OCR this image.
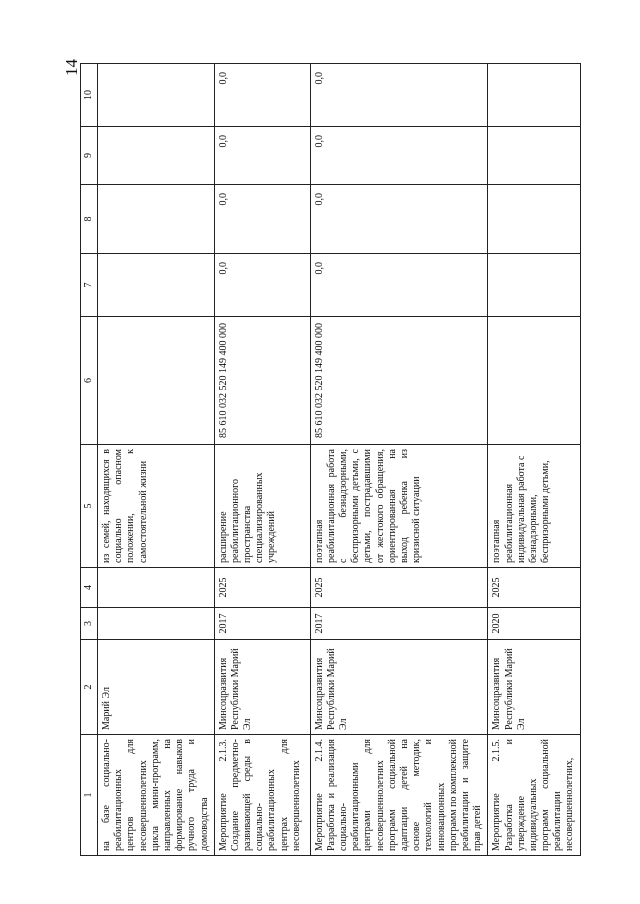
14
1	2	3	4	5	6	7	8	9	10
на базе социально-реабилитационных центров для несовершеннолетних цикла мини-программ, направленных на формирование навыков ручного труда и домоводства	Марий Эл			из семей, находящихся в социально опасном положении, к самостоятельной жизни					
Мероприятие 2.1.3. Создание предметно-развивающей среды в социально-реабилитационных центрах для несовершеннолетних	Минсоцразвития Республики Марий Эл	2017	2025	расширение реабилитационного пространства специализированных учреждений	85 610 032 520 149 400 000	0,0	0,0	0,0	0,0
Мероприятие 2.1.4. Разработка и реализация социально-реабилитационными центрами для несовершеннолетних программ социальной адаптации детей на основе методик, технологий и инновационных программ по комплексной реабилитации и защите прав детей	Минсоцразвития Республики Марий Эл	2017	2025	поэтапная реабилитационная работа с безнадзорными, беспризорными детьми, с детьми, пострадавшими от жестокого обращения, ориентированная на выход ребенка из кризисной ситуации	85 610 032 520 149 400 000	0,0	0,0	0,0	0,0
Мероприятие 2.1.5. Разработка и утверждение индивидуальных программ социальной реабилитации несовершеннолетних,	Минсоцразвития Республики Марий Эл	2020	2025	поэтапная реабилитационная индивидуальная работа с безнадзорными, беспризорными детьми,					
